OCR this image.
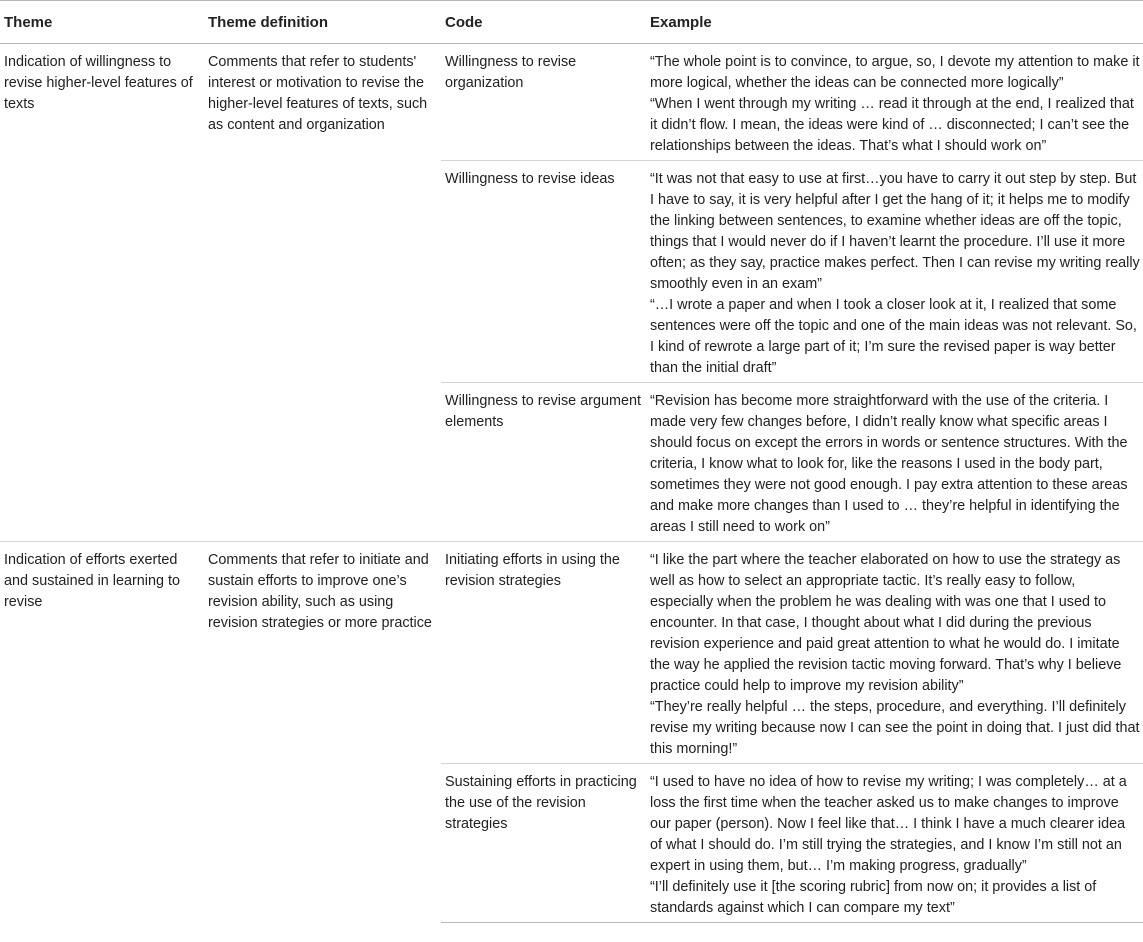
Theme	Theme definition	Code	Example
Indication of willingness to revise higher-level features of texts	Comments that refer to students' interest or motivation to revise the higher-level features of texts, such as content and organization	Willingness to revise organization	“The whole point is to convince, to argue, so, I devote my attention to make it more logical, whether the ideas can be connected more logically”
“When I went through my writing … read it through at the end, I realized that it didn’t flow. I mean, the ideas were kind of … disconnected; I can’t see the relationships between the ideas. That’s what I should work on”

		Willingness to revise ideas	“It was not that easy to use at first…you have to carry it out step by step. But I have to say, it is very helpful after I get the hang of it; it helps me to modify the linking between sentences, to examine whether ideas are off the topic, things that I would never do if I haven’t learnt the procedure. I’ll use it more often; as they say, practice makes perfect. Then I can revise my writing really smoothly even in an exam”
“…I wrote a paper and when I took a closer look at it, I realized that some sentences were off the topic and one of the main ideas was not relevant. So, I kind of rewrote a large part of it; I’m sure the revised paper is way better than the initial draft”

		Willingness to revise argument elements	“Revision has become more straightforward with the use of the criteria. I made very few changes before, I didn’t really know what specific areas I should focus on except the errors in words or sentence structures. With the criteria, I know what to look for, like the reasons I used in the body part, sometimes they were not good enough. I pay extra attention to these areas and make more changes than I used to … they’re helpful in identifying the areas I still need to work on”

Indication of efforts exerted and sustained in learning to revise	Comments that refer to initiate and sustain efforts to improve one’s revision ability, such as using revision strategies or more practice	Initiating efforts in using the revision strategies	“I like the part where the teacher elaborated on how to use the strategy as well as how to select an appropriate tactic. It’s really easy to follow, especially when the problem he was dealing with was one that I used to encounter. In that case, I thought about what I did during the previous revision experience and paid great attention to what he would do. I imitate the way he applied the revision tactic moving forward. That’s why I believe practice could help to improve my revision ability”
“They’re really helpful … the steps, procedure, and everything. I’ll definitely revise my writing because now I can see the point in doing that. I just did that this morning!”

		Sustaining efforts in practicing the use of the revision strategies	“I used to have no idea of how to revise my writing; I was completely… at a loss the first time when the teacher asked us to make changes to improve our paper (person). Now I feel like that… I think I have a much clearer idea of what I should do. I’m still trying the strategies, and I know I’m still not an expert in using them, but… I’m making progress, gradually”
“I’ll definitely use it [the scoring rubric] from now on; it provides a list of standards against which I can compare my text”
